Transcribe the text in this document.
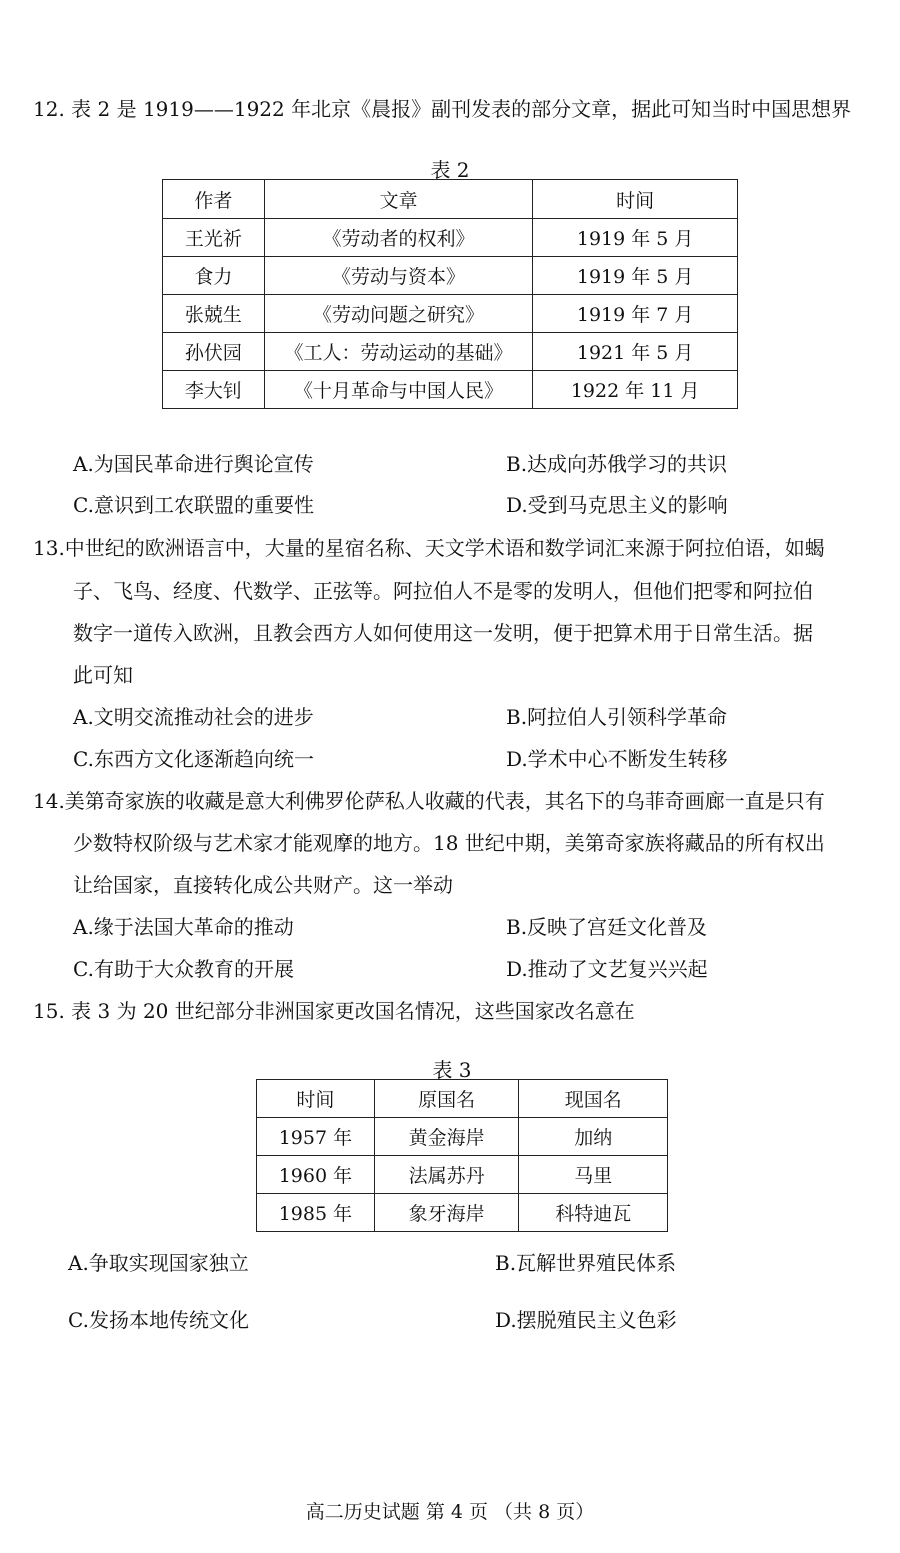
12. 表 2 是 1919——1922 年北京《晨报》副刊发表的部分文章，据此可知当时中国思想界
表 2
作者	文章	时间
王光祈	《劳动者的权利》	1919 年 5 月
食力	《劳动与资本》	1919 年 5 月
张兢生	《劳动问题之研究》	1919 年 7 月
孙伏园	《工人：劳动运动的基础》	1921 年 5 月
李大钊	《十月革命与中国人民》	1922 年 11 月
A.为国民革命进行舆论宣传	B.达成向苏俄学习的共识
C.意识到工农联盟的重要性	D.受到马克思主义的影响
13.中世纪的欧洲语言中，大量的星宿名称、天文学术语和数学词汇来源于阿拉伯语，如蝎
子、飞鸟、经度、代数学、正弦等。阿拉伯人不是零的发明人，但他们把零和阿拉伯
数字一道传入欧洲，且教会西方人如何使用这一发明，便于把算术用于日常生活。据
此可知
A.文明交流推动社会的进步	B.阿拉伯人引领科学革命
C.东西方文化逐渐趋向统一	D.学术中心不断发生转移
14.美第奇家族的收藏是意大利佛罗伦萨私人收藏的代表，其名下的乌菲奇画廊一直是只有
少数特权阶级与艺术家才能观摩的地方。18 世纪中期，美第奇家族将藏品的所有权出
让给国家，直接转化成公共财产。这一举动
A.缘于法国大革命的推动	B.反映了宫廷文化普及
C.有助于大众教育的开展	D.推动了文艺复兴兴起
15. 表 3 为 20 世纪部分非洲国家更改国名情况，这些国家改名意在
表 3
时间	原国名	现国名
1957 年	黄金海岸	加纳
1960 年	法属苏丹	马里
1985 年	象牙海岸	科特迪瓦
A.争取实现国家独立	B.瓦解世界殖民体系
C.发扬本地传统文化	D.摆脱殖民主义色彩
高二历史试题 第 4 页 （共 8 页）
